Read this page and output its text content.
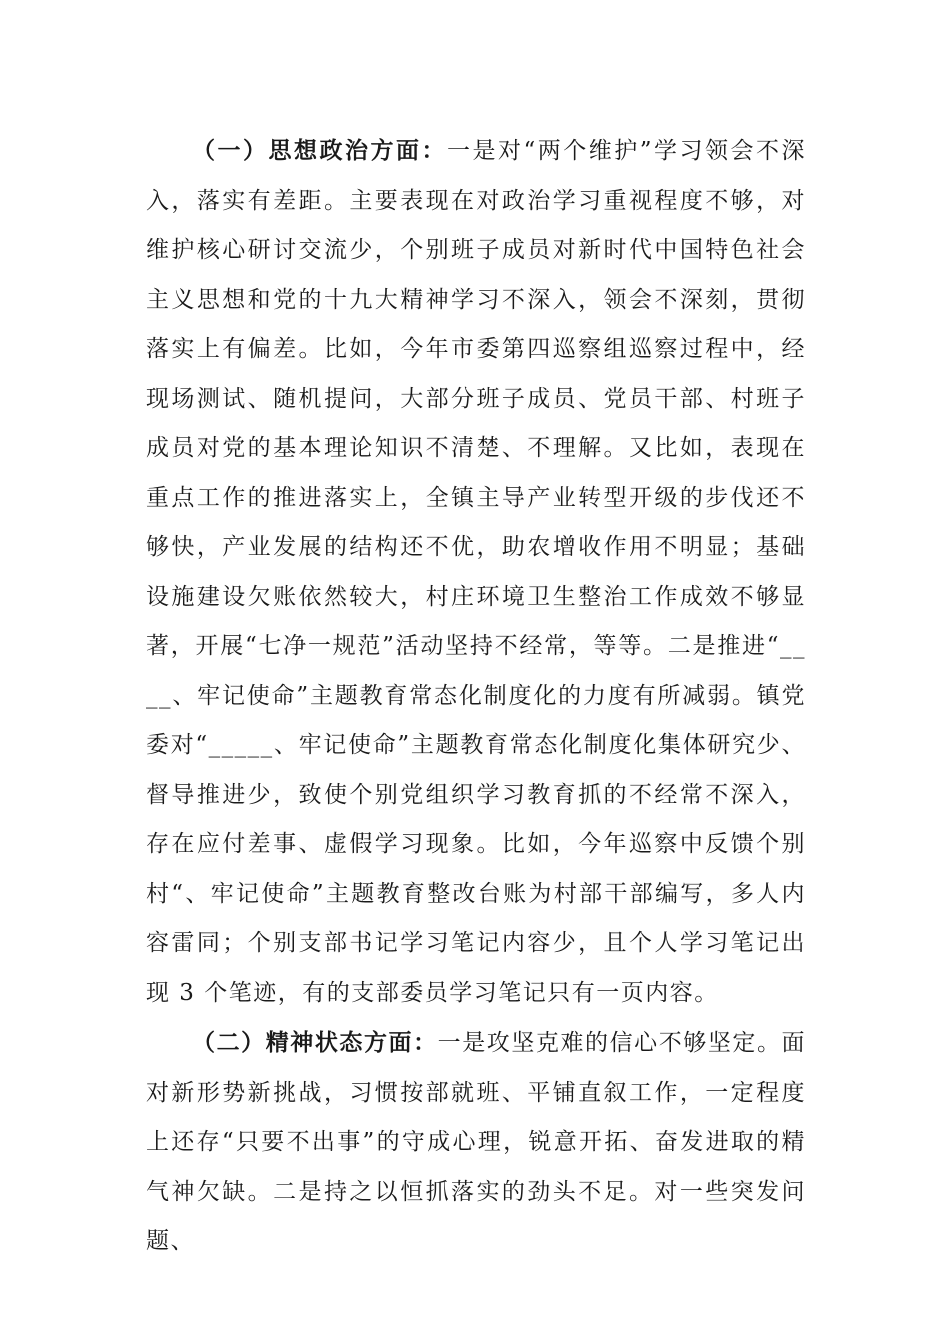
（一）思想政治方面：一是对“两个维护”学习领会不深入，落实有差距。主要表现在对政治学习重视程度不够，对维护核心研讨交流少，个别班子成员对新时代中国特色社会主义思想和党的十九大精神学习不深入，领会不深刻，贯彻落实上有偏差。比如，今年市委第四巡察组巡察过程中，经现场测试、随机提问，大部分班子成员、党员干部、村班子成员对党的基本理论知识不清楚、不理解。又比如，表现在重点工作的推进落实上，全镇主导产业转型开级的步伐还不够快，产业发展的结构还不优，助农增收作用不明显；基础设施建设欠账依然较大，村庄环境卫生整治工作成效不够显著，开展“七净一规范”活动坚持不经常，等等。二是推进“____、牢记使命”主题教育常态化制度化的力度有所减弱。镇党委对“_____、牢记使命”主题教育常态化制度化集体研究少、督导推进少，致使个别党组织学习教育抓的不经常不深入，存在应付差事、虚假学习现象。比如，今年巡察中反馈个别村“、牢记使命”主题教育整改台账为村部干部编写，多人内容雷同；个别支部书记学习笔记内容少，且个人学习笔记出现 3 个笔迹，有的支部委员学习笔记只有一页内容。

（二）精神状态方面：一是攻坚克难的信心不够坚定。面对新形势新挑战，习惯按部就班、平铺直叙工作，一定程度上还存“只要不出事”的守成心理，锐意开拓、奋发进取的精气神欠缺。二是持之以恒抓落实的劲头不足。对一些突发问题、
